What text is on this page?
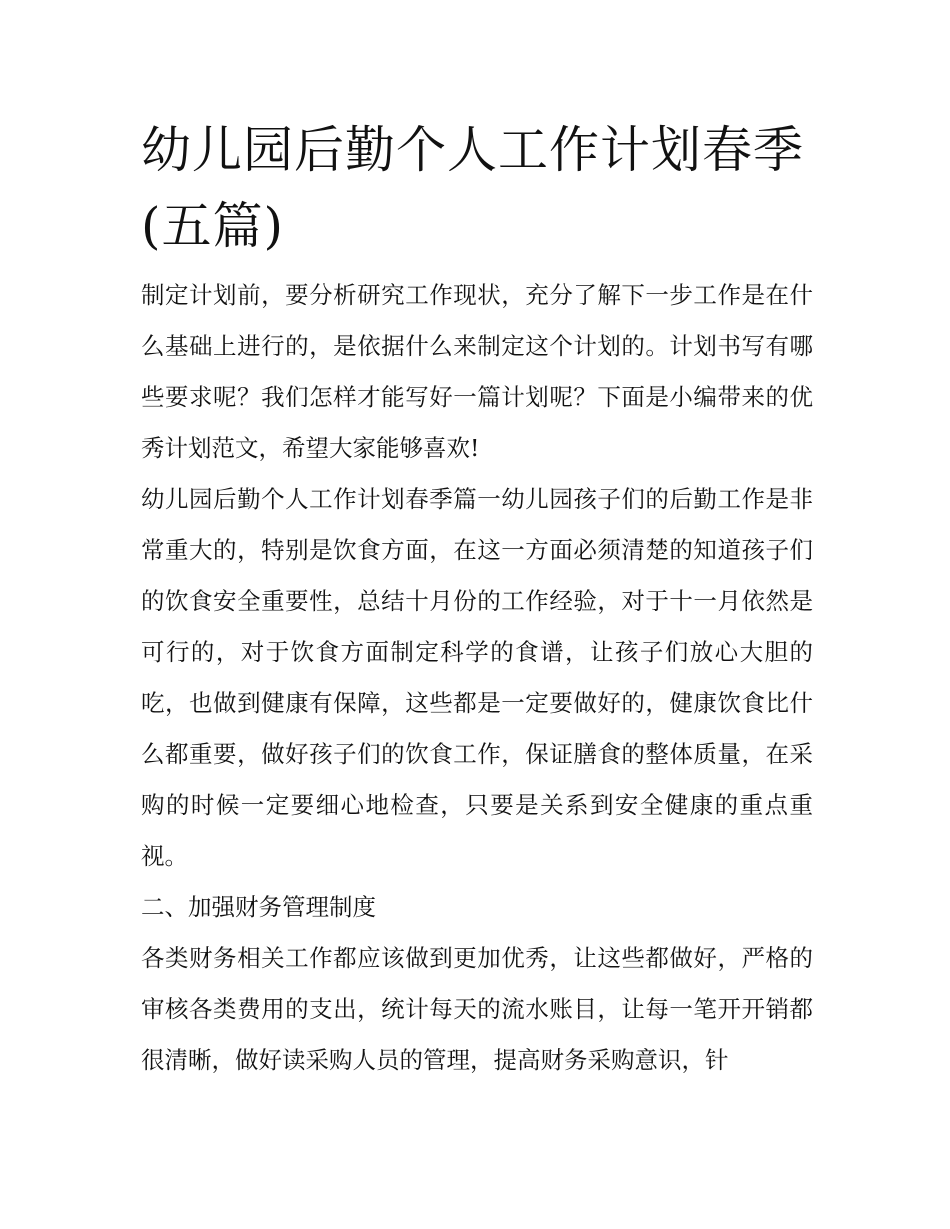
幼儿园后勤个人工作计划春季(五篇)

制定计划前，要分析研究工作现状，充分了解下一步工作是在什么基础上进行的，是依据什么来制定这个计划的。计划书写有哪些要求呢？我们怎样才能写好一篇计划呢？下面是小编带来的优秀计划范文，希望大家能够喜欢!

幼儿园后勤个人工作计划春季篇一幼儿园孩子们的后勤工作是非常重大的，特别是饮食方面，在这一方面必须清楚的知道孩子们的饮食安全重要性，总结十月份的工作经验，对于十一月依然是可行的，对于饮食方面制定科学的食谱，让孩子们放心大胆的吃，也做到健康有保障，这些都是一定要做好的，健康饮食比什么都重要，做好孩子们的饮食工作，保证膳食的整体质量，在采购的时候一定要细心地检查，只要是关系到安全健康的重点重视。

二、加强财务管理制度

各类财务相关工作都应该做到更加优秀，让这些都做好，严格的审核各类费用的支出，统计每天的流水账目，让每一笔开开销都很清晰，做好读采购人员的管理，提高财务采购意识，针
